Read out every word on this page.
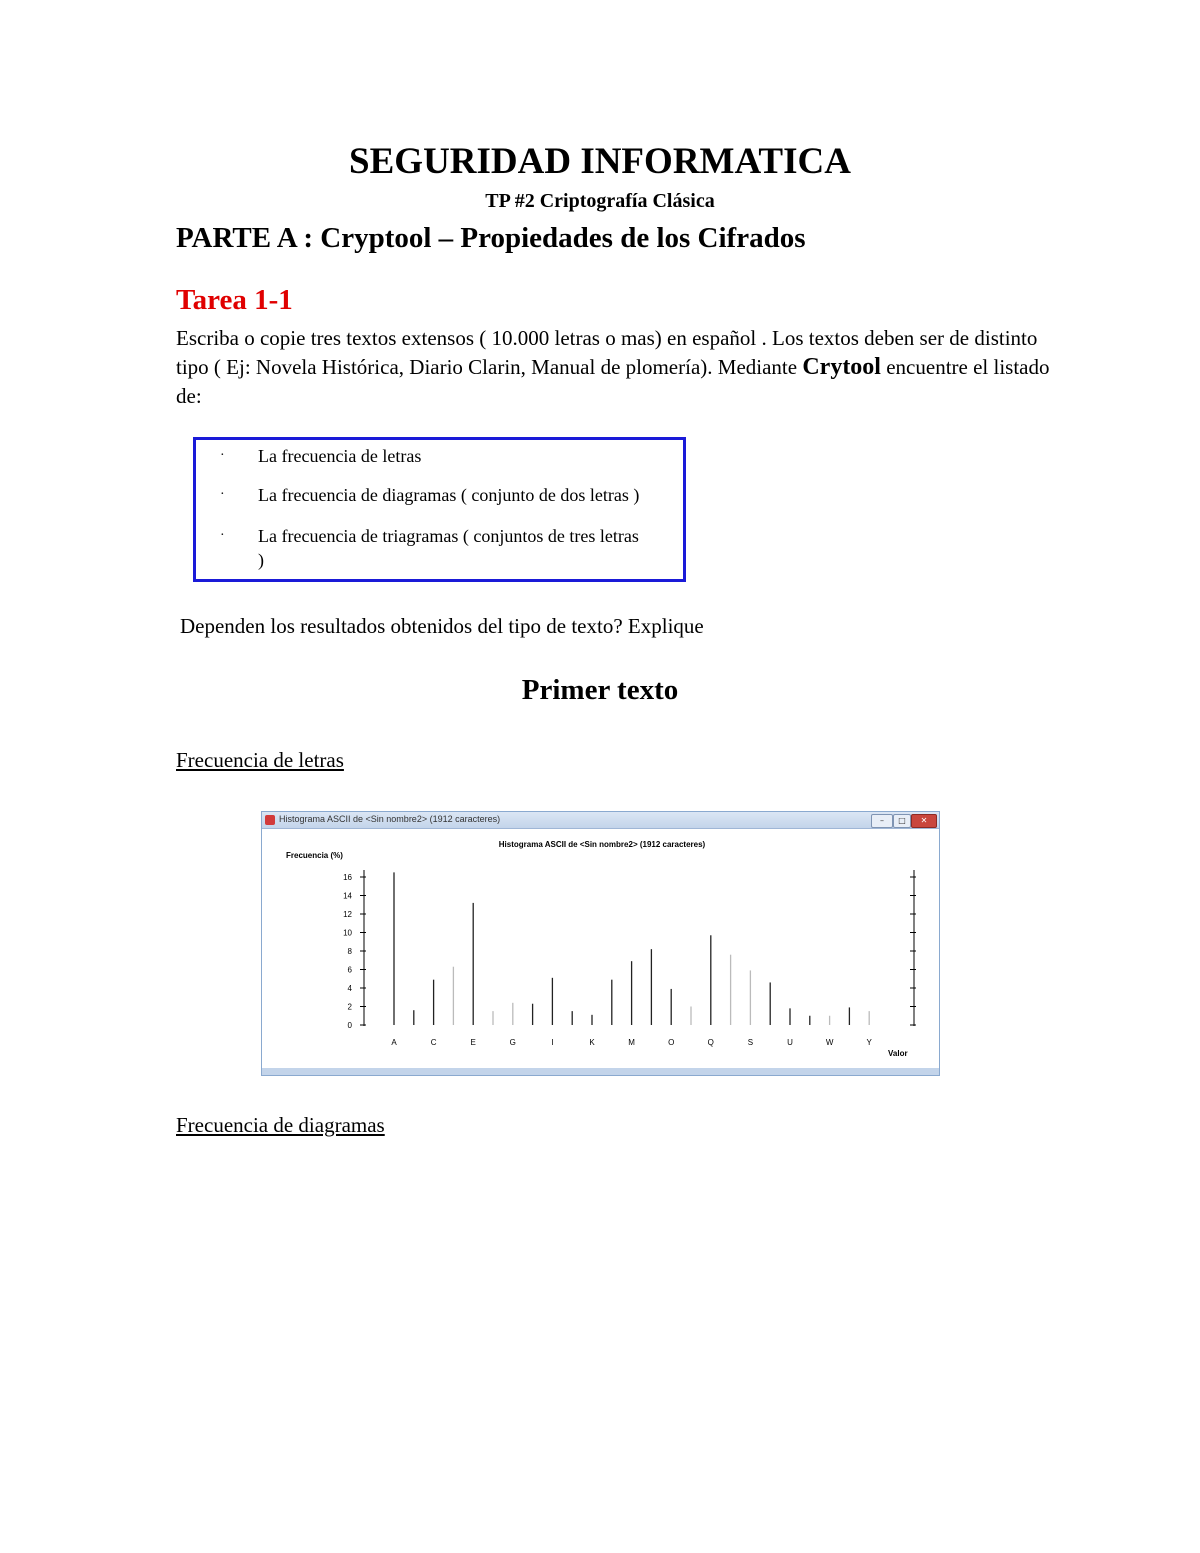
SEGURIDAD INFORMATICA
TP #2 Criptografía Clásica
PARTE A : Cryptool – Propiedades de los Cifrados
Tarea 1-1
Escriba o copie tres textos extensos ( 10.000 letras o mas) en español . Los textos deben ser de distinto tipo ( Ej: Novela Histórica, Diario Clarin, Manual de plomería). Mediante Crytool encuentre el listado de:
· La frecuencia de letras
· La frecuencia de diagramas ( conjunto de dos letras )
· La frecuencia de triagramas ( conjuntos de tres letras )
Dependen los resultados obtenidos del tipo de texto? Explique
Primer texto
Frecuencia de letras
Histograma ASCII de <Sin nombre2> (1912 caracteres)	–	□	✕
Histograma ASCII de <Sin nombre2> (1912 caracteres)
Frecuencia (%)
Valor
0
2
4
6
8
10
12
14
16
A	C	E	G	I	K	M	O	Q	S	U	W	Y
Frecuencia de diagramas
